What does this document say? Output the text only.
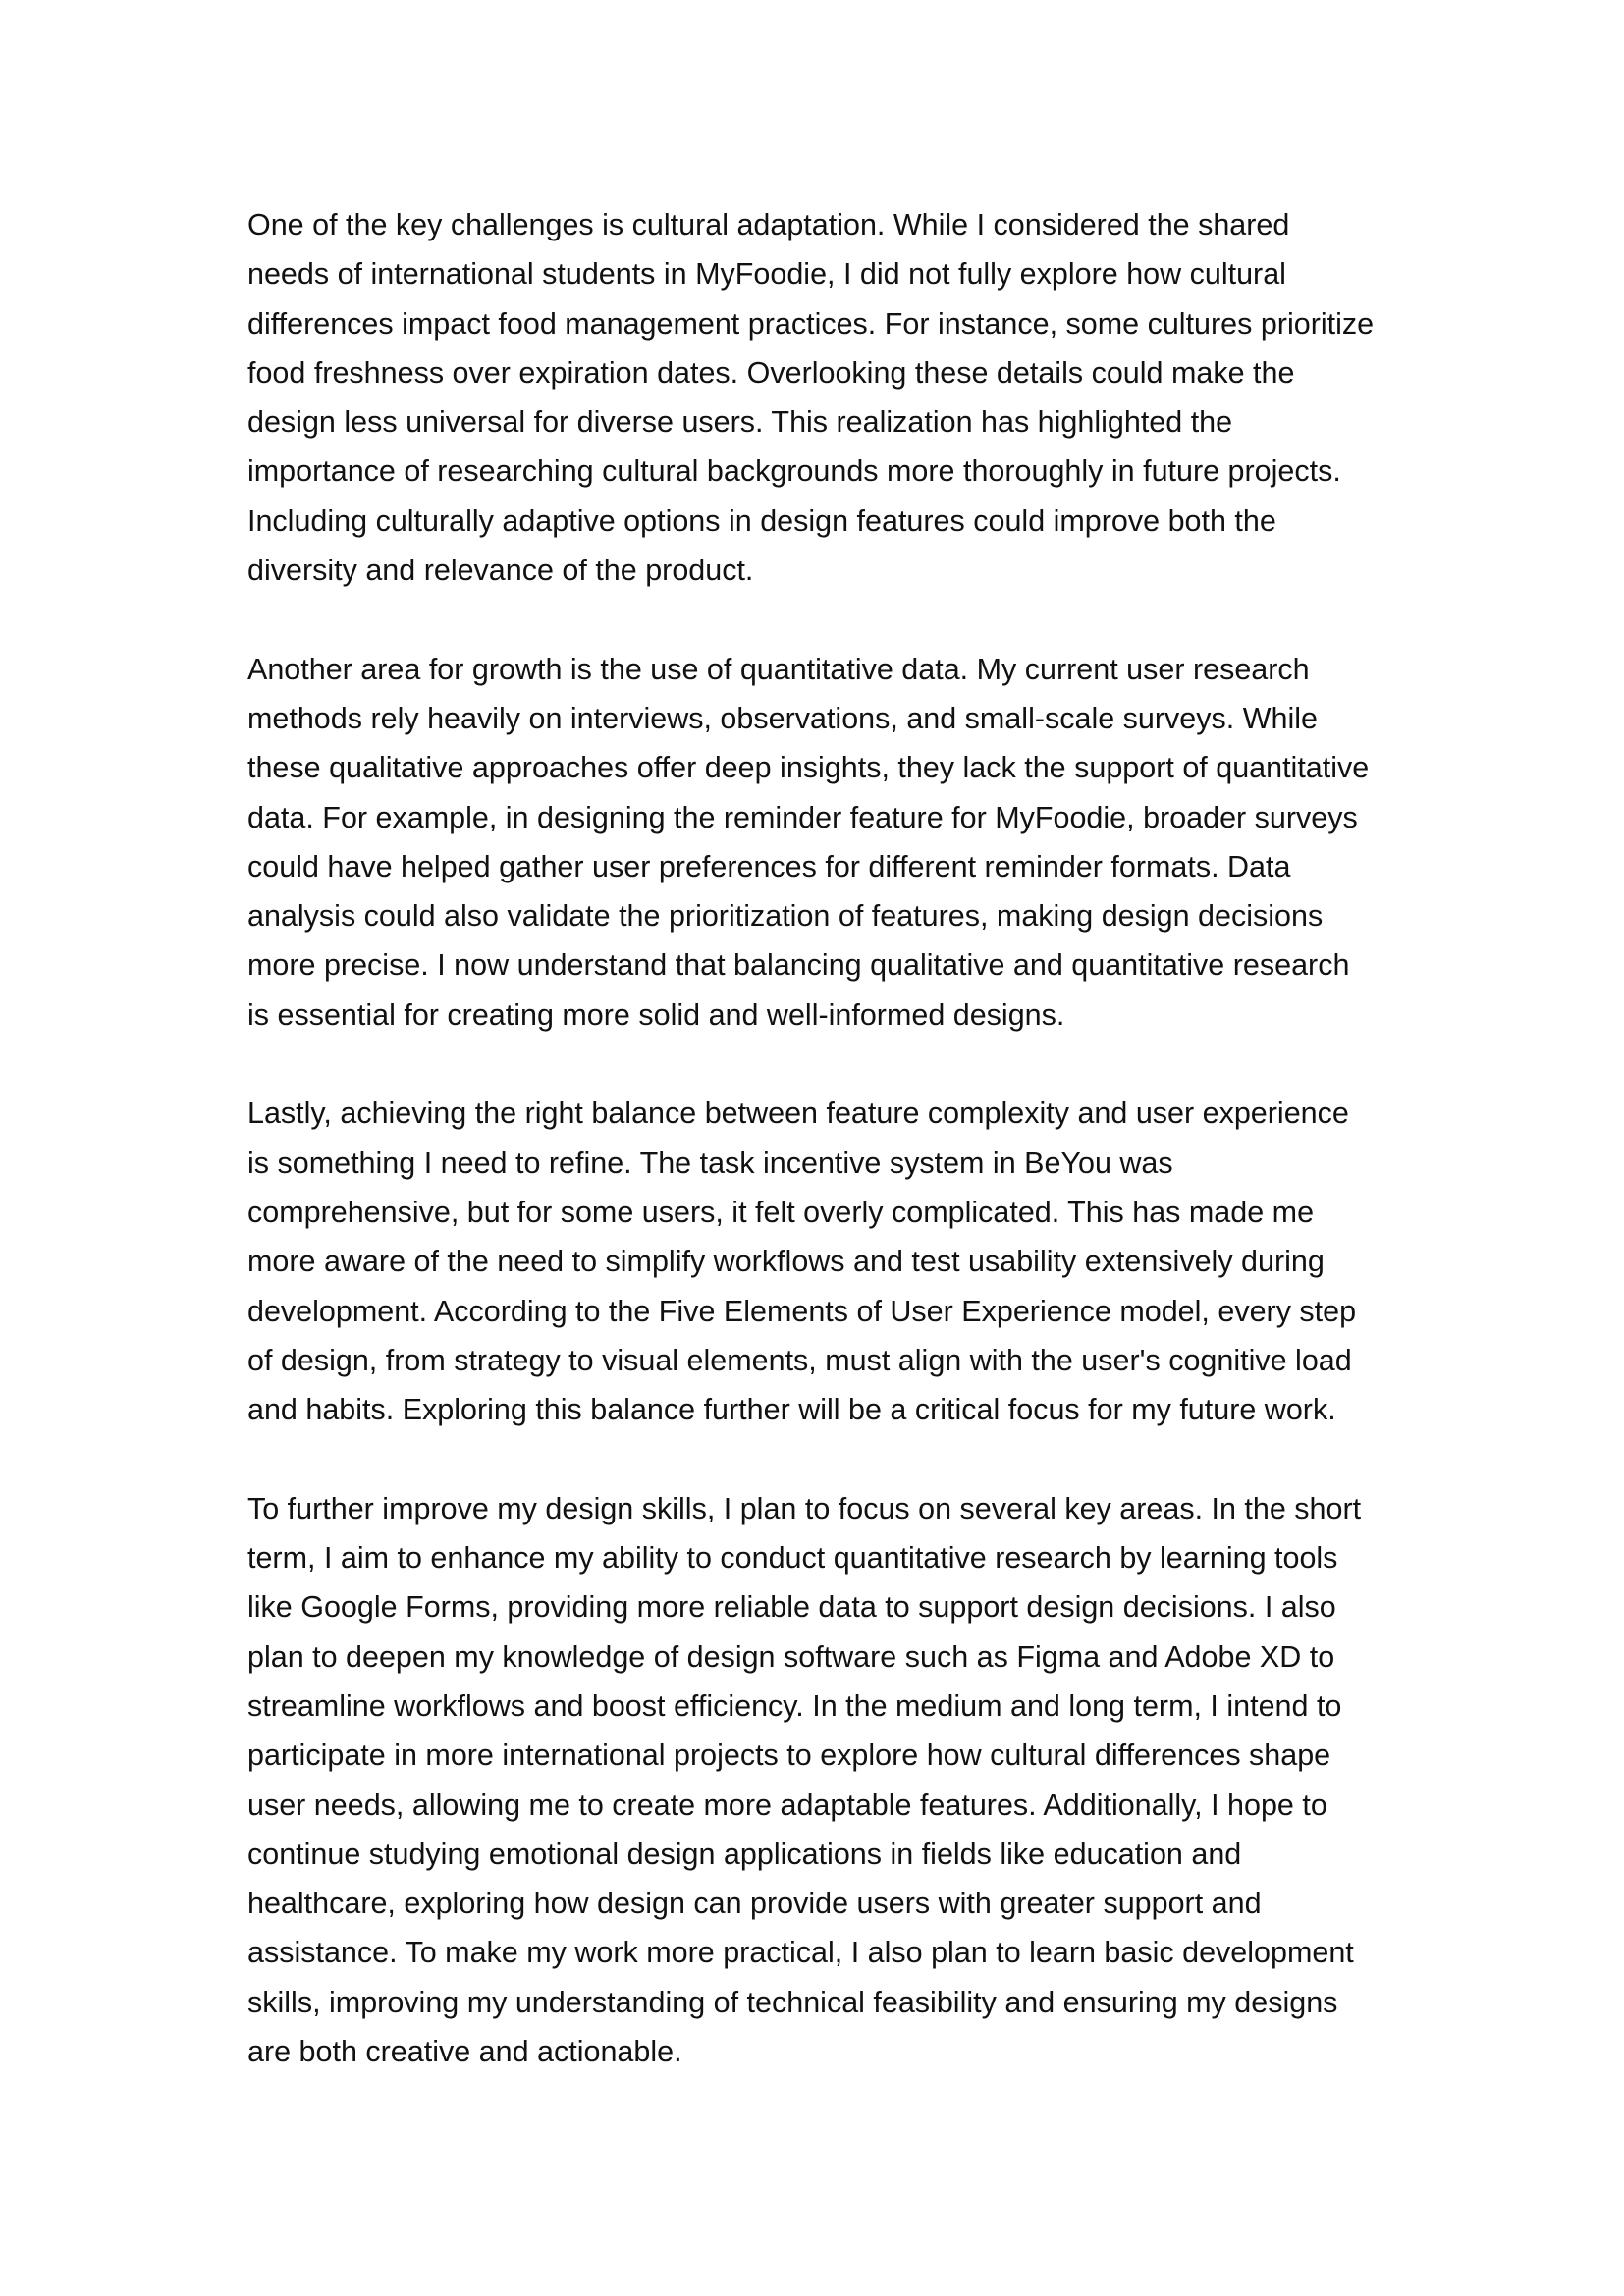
One of the key challenges is cultural adaptation. While I considered the shared
needs of international students in MyFoodie, I did not fully explore how cultural
differences impact food management practices. For instance, some cultures prioritize
food freshness over expiration dates. Overlooking these details could make the
design less universal for diverse users. This realization has highlighted the
importance of researching cultural backgrounds more thoroughly in future projects.
Including culturally adaptive options in design features could improve both the
diversity and relevance of the product.

Another area for growth is the use of quantitative data. My current user research
methods rely heavily on interviews, observations, and small-scale surveys. While
these qualitative approaches offer deep insights, they lack the support of quantitative
data. For example, in designing the reminder feature for MyFoodie, broader surveys
could have helped gather user preferences for different reminder formats. Data
analysis could also validate the prioritization of features, making design decisions
more precise. I now understand that balancing qualitative and quantitative research
is essential for creating more solid and well-informed designs.

Lastly, achieving the right balance between feature complexity and user experience
is something I need to refine. The task incentive system in BeYou was
comprehensive, but for some users, it felt overly complicated. This has made me
more aware of the need to simplify workflows and test usability extensively during
development. According to the Five Elements of User Experience model, every step
of design, from strategy to visual elements, must align with the user's cognitive load
and habits. Exploring this balance further will be a critical focus for my future work.

To further improve my design skills, I plan to focus on several key areas. In the short
term, I aim to enhance my ability to conduct quantitative research by learning tools
like Google Forms, providing more reliable data to support design decisions. I also
plan to deepen my knowledge of design software such as Figma and Adobe XD to
streamline workflows and boost efficiency. In the medium and long term, I intend to
participate in more international projects to explore how cultural differences shape
user needs, allowing me to create more adaptable features. Additionally, I hope to
continue studying emotional design applications in fields like education and
healthcare, exploring how design can provide users with greater support and
assistance. To make my work more practical, I also plan to learn basic development
skills, improving my understanding of technical feasibility and ensuring my designs
are both creative and actionable.
